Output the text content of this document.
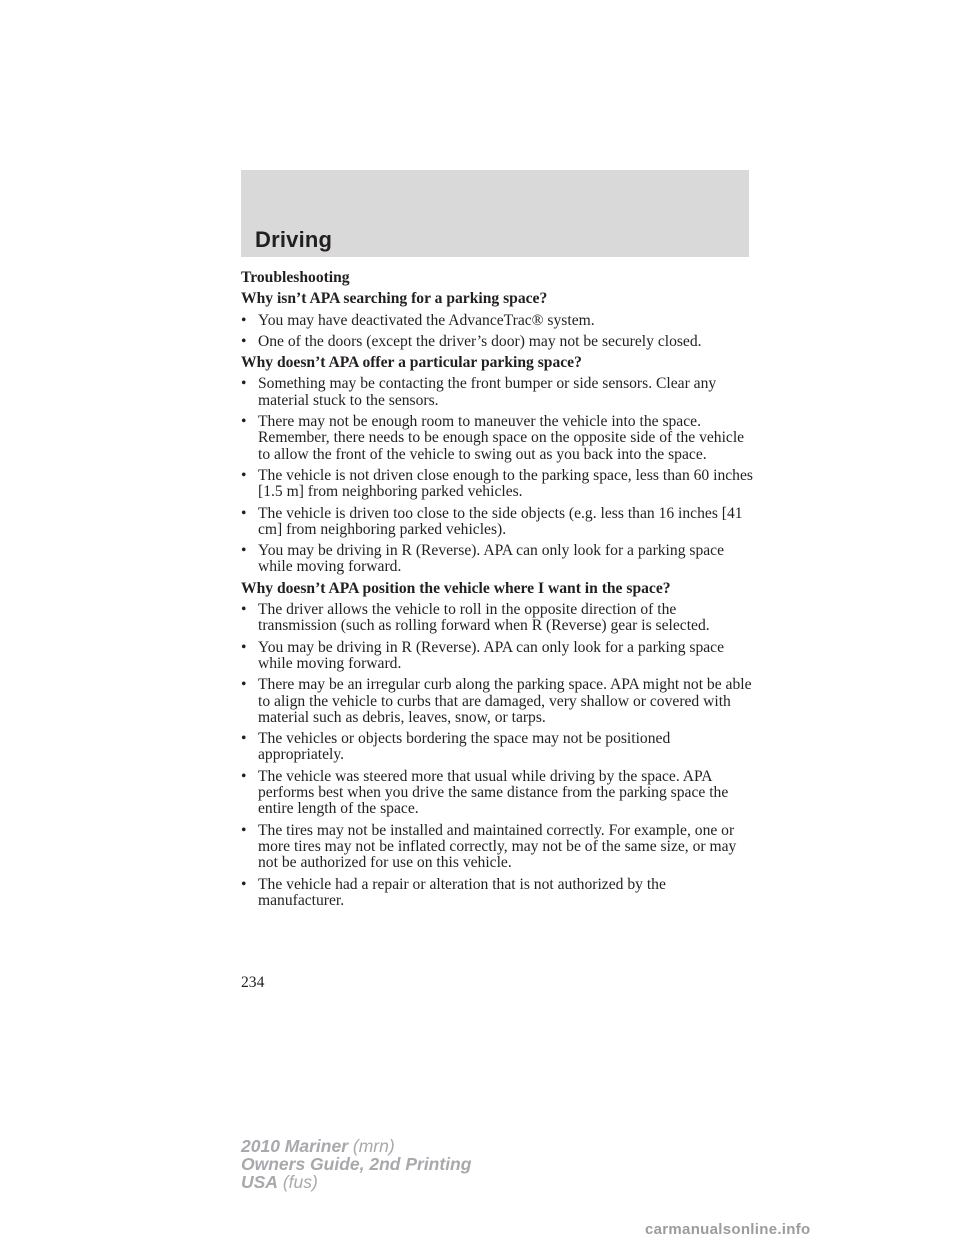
Driving
Troubleshooting
Why isn’t APA searching for a parking space?
• You may have deactivated the AdvanceTrac® system.
• One of the doors (except the driver’s door) may not be securely closed.
Why doesn’t APA offer a particular parking space?
• Something may be contacting the front bumper or side sensors. Clear any material stuck to the sensors.
• There may not be enough room to maneuver the vehicle into the space. Remember, there needs to be enough space on the opposite side of the vehicle to allow the front of the vehicle to swing out as you back into the space.
• The vehicle is not driven close enough to the parking space, less than 60 inches [1.5 m] from neighboring parked vehicles.
• The vehicle is driven too close to the side objects (e.g. less than 16 inches [41 cm] from neighboring parked vehicles).
• You may be driving in R (Reverse). APA can only look for a parking space while moving forward.
Why doesn’t APA position the vehicle where I want in the space?
• The driver allows the vehicle to roll in the opposite direction of the transmission (such as rolling forward when R (Reverse) gear is selected.
• You may be driving in R (Reverse). APA can only look for a parking space while moving forward.
• There may be an irregular curb along the parking space. APA might not be able to align the vehicle to curbs that are damaged, very shallow or covered with material such as debris, leaves, snow, or tarps.
• The vehicles or objects bordering the space may not be positioned appropriately.
• The vehicle was steered more that usual while driving by the space. APA performs best when you drive the same distance from the parking space the entire length of the space.
• The tires may not be installed and maintained correctly. For example, one or more tires may not be inflated correctly, may not be of the same size, or may not be authorized for use on this vehicle.
• The vehicle had a repair or alteration that is not authorized by the manufacturer.
234
2010 Mariner (mrn)
Owners Guide, 2nd Printing
USA (fus)
carmanualsonline.info
